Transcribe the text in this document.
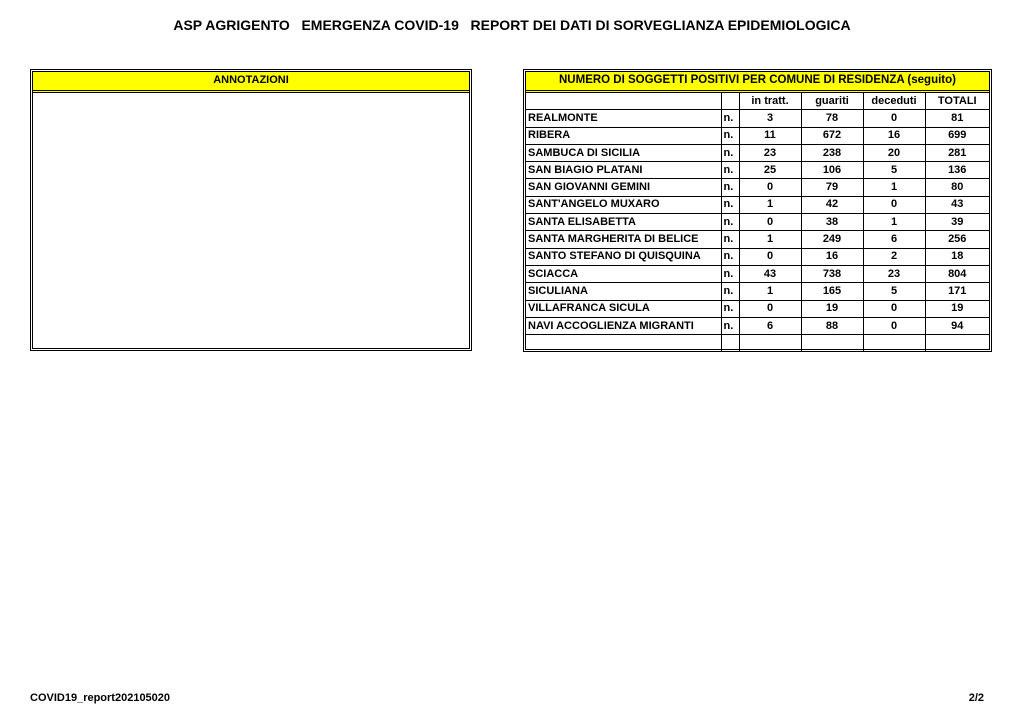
ASP AGRIGENTO   EMERGENZA COVID-19   REPORT DEI DATI DI SORVEGLIANZA EPIDEMIOLOGICA
ANNOTAZIONI	NUMERO DI SOGGETTI POSITIVI PER COMUNE DI RESIDENZA (seguito)
		in tratt.	guariti	deceduti	TOTALI
REALMONTE	n.	3	78	0	81
RIBERA	n.	11	672	16	699
SAMBUCA DI SICILIA	n.	23	238	20	281
SAN BIAGIO PLATANI	n.	25	106	5	136
SAN GIOVANNI GEMINI	n.	0	79	1	80
SANT'ANGELO MUXARO	n.	1	42	0	43
SANTA ELISABETTA	n.	0	38	1	39
SANTA MARGHERITA DI BELICE	n.	1	249	6	256
SANTO STEFANO DI QUISQUINA	n.	0	16	2	18
SCIACCA	n.	43	738	23	804
SICULIANA	n.	1	165	5	171
VILLAFRANCA SICULA	n.	0	19	0	19
NAVI ACCOGLIENZA MIGRANTI	n.	6	88	0	94

COVID19_report202105020	2/2
